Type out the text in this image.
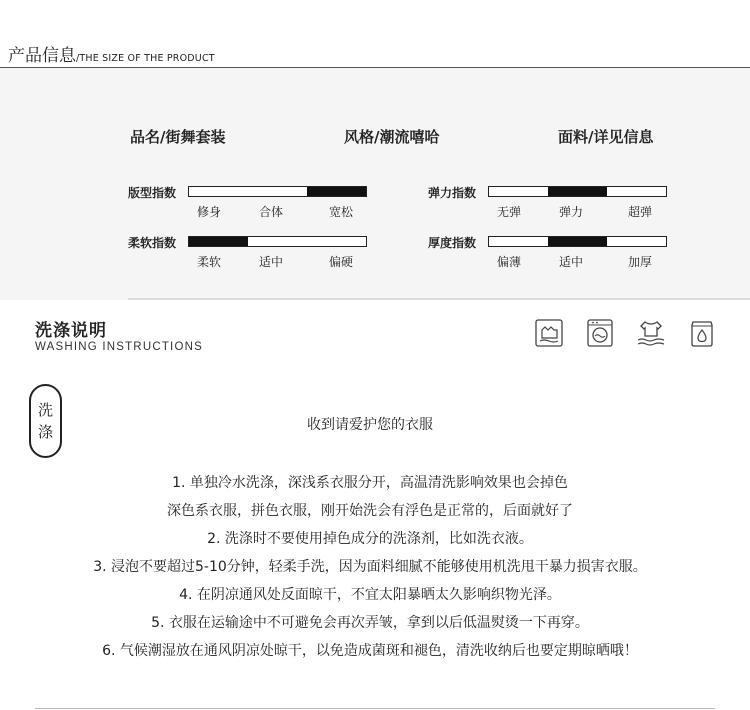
产品信息/THE SIZE OF THE PRODUCT
品名/街舞套装	风格/潮流嘻哈	面料/详见信息
版型指数
修身	合体	宽松
弹力指数
无弹	弹力	超弹
柔软指数
柔软	适中	偏硬
厚度指数
偏薄	适中	加厚
洗涤说明
WASHING INSTRUCTIONS
洗
涤	收到请爱护您的衣服
1. 单独冷水洗涤，深浅系衣服分开，高温清洗影响效果也会掉色
深色系衣服，拼色衣服，刚开始洗会有浮色是正常的，后面就好了
2. 洗涤时不要使用掉色成分的洗涤剂，比如洗衣液。
3. 浸泡不要超过5-10分钟，轻柔手洗，因为面料细腻不能够使用机洗甩干暴力损害衣服。
4. 在阴凉通风处反面晾干，不宜太阳暴晒太久影响织物光泽。
5. 衣服在运输途中不可避免会再次弄皱，拿到以后低温熨烫一下再穿。
6. 气候潮湿放在通风阴凉处晾干，以免造成菌斑和褪色，清洗收纳后也要定期晾晒哦！
